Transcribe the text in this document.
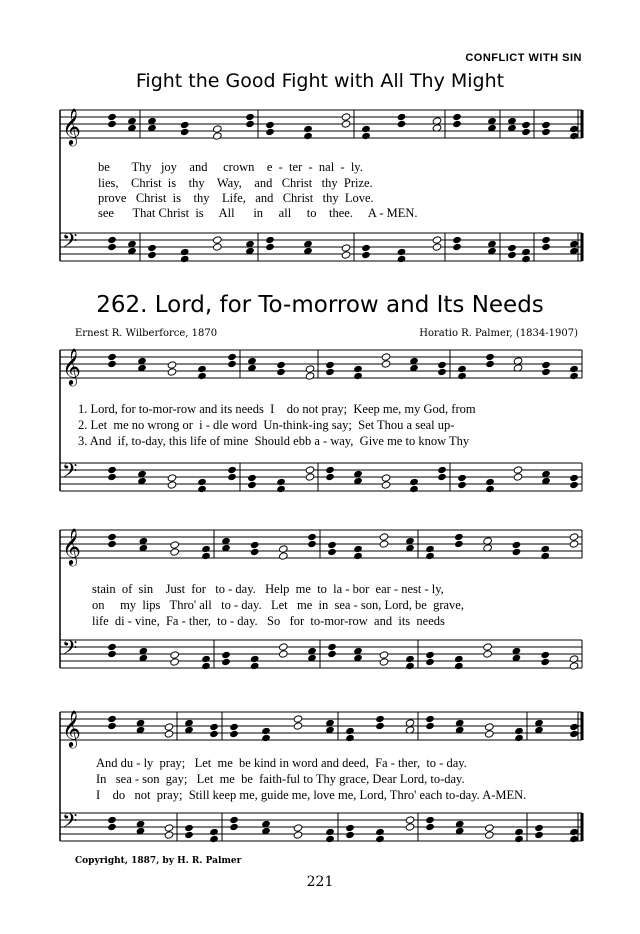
CONFLICT WITH SIN
Fight the Good Fight with All Thy Might
𝄞
𝄢
𝄞
𝄢
𝄞
𝄢
𝄞
𝄢
be       Thy   joy    and     crown    e  -  ter  -  nal  -  ly.
lies,    Christ  is    thy    Way,    and   Christ   thy  Prize.
prove   Christ  is    thy    Life,   and   Christ   thy  Love.
see      That Christ  is     All      in     all     to    thee.     A - MEN.
262. Lord, for To-morrow and Its Needs
Ernest R. Wilberforce, 1870	Horatio R. Palmer, (1834-1907)
1. Lord, for to-mor-row and its needs  I    do not pray;  Keep me, my God, from
2. Let  me no wrong or  i - dle word  Un-think-ing say;  Set Thou a seal up-
3. And  if, to-day, this life of mine  Should ebb a - way,  Give me to know Thy
stain  of  sin    Just  for   to - day.   Help  me  to  la - bor  ear - nest - ly,
on     my  lips   Thro' all   to - day.   Let   me  in  sea - son, Lord, be  grave,
life  di - vine,  Fa - ther,  to - day.   So   for  to-mor-row  and  its  needs
And du - ly  pray;   Let  me  be kind in word and deed,  Fa - ther,  to - day.
In   sea - son  gay;   Let  me  be  faith-ful to Thy grace, Dear Lord, to-day.
I    do   not  pray;  Still keep me, guide me, love me, Lord, Thro' each to-day. A-MEN.
Copyright, 1887, by H. R. Palmer
221
